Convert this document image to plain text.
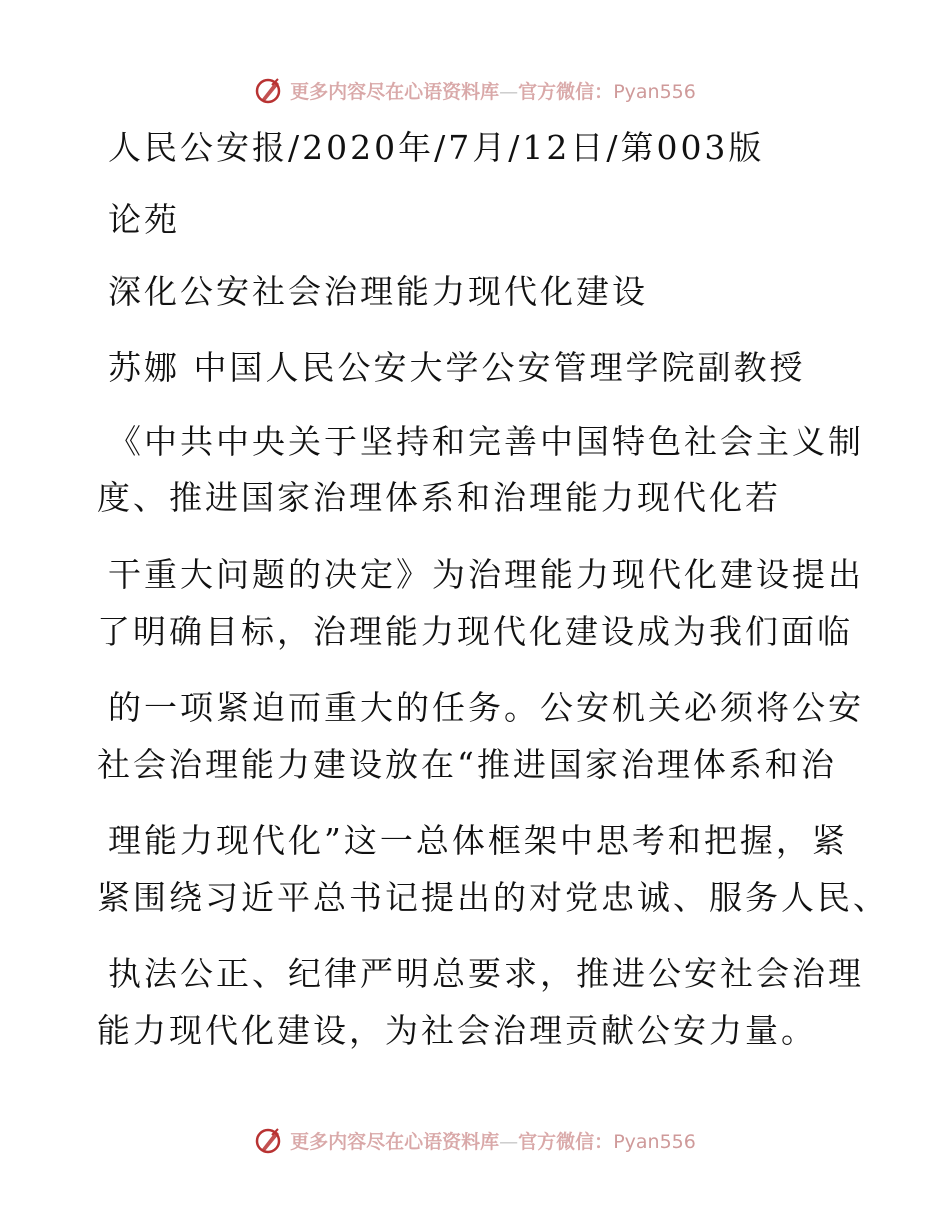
更多内容尽在心语资料库—官方微信：Pyan556
人民公安报/2020年/7月/12日/第003版
论苑
深化公安社会治理能力现代化建设
苏娜 中国人民公安大学公安管理学院副教授
《中共中央关于坚持和完善中国特色社会主义制
度、推进国家治理体系和治理能力现代化若
干重大问题的决定》为治理能力现代化建设提出
了明确目标，治理能力现代化建设成为我们面临
的一项紧迫而重大的任务。公安机关必须将公安
社会治理能力建设放在“推进国家治理体系和治
理能力现代化”这一总体框架中思考和把握，紧
紧围绕习近平总书记提出的对党忠诚、服务人民、
执法公正、纪律严明总要求，推进公安社会治理
能力现代化建设，为社会治理贡献公安力量。
更多内容尽在心语资料库—官方微信：Pyan556
